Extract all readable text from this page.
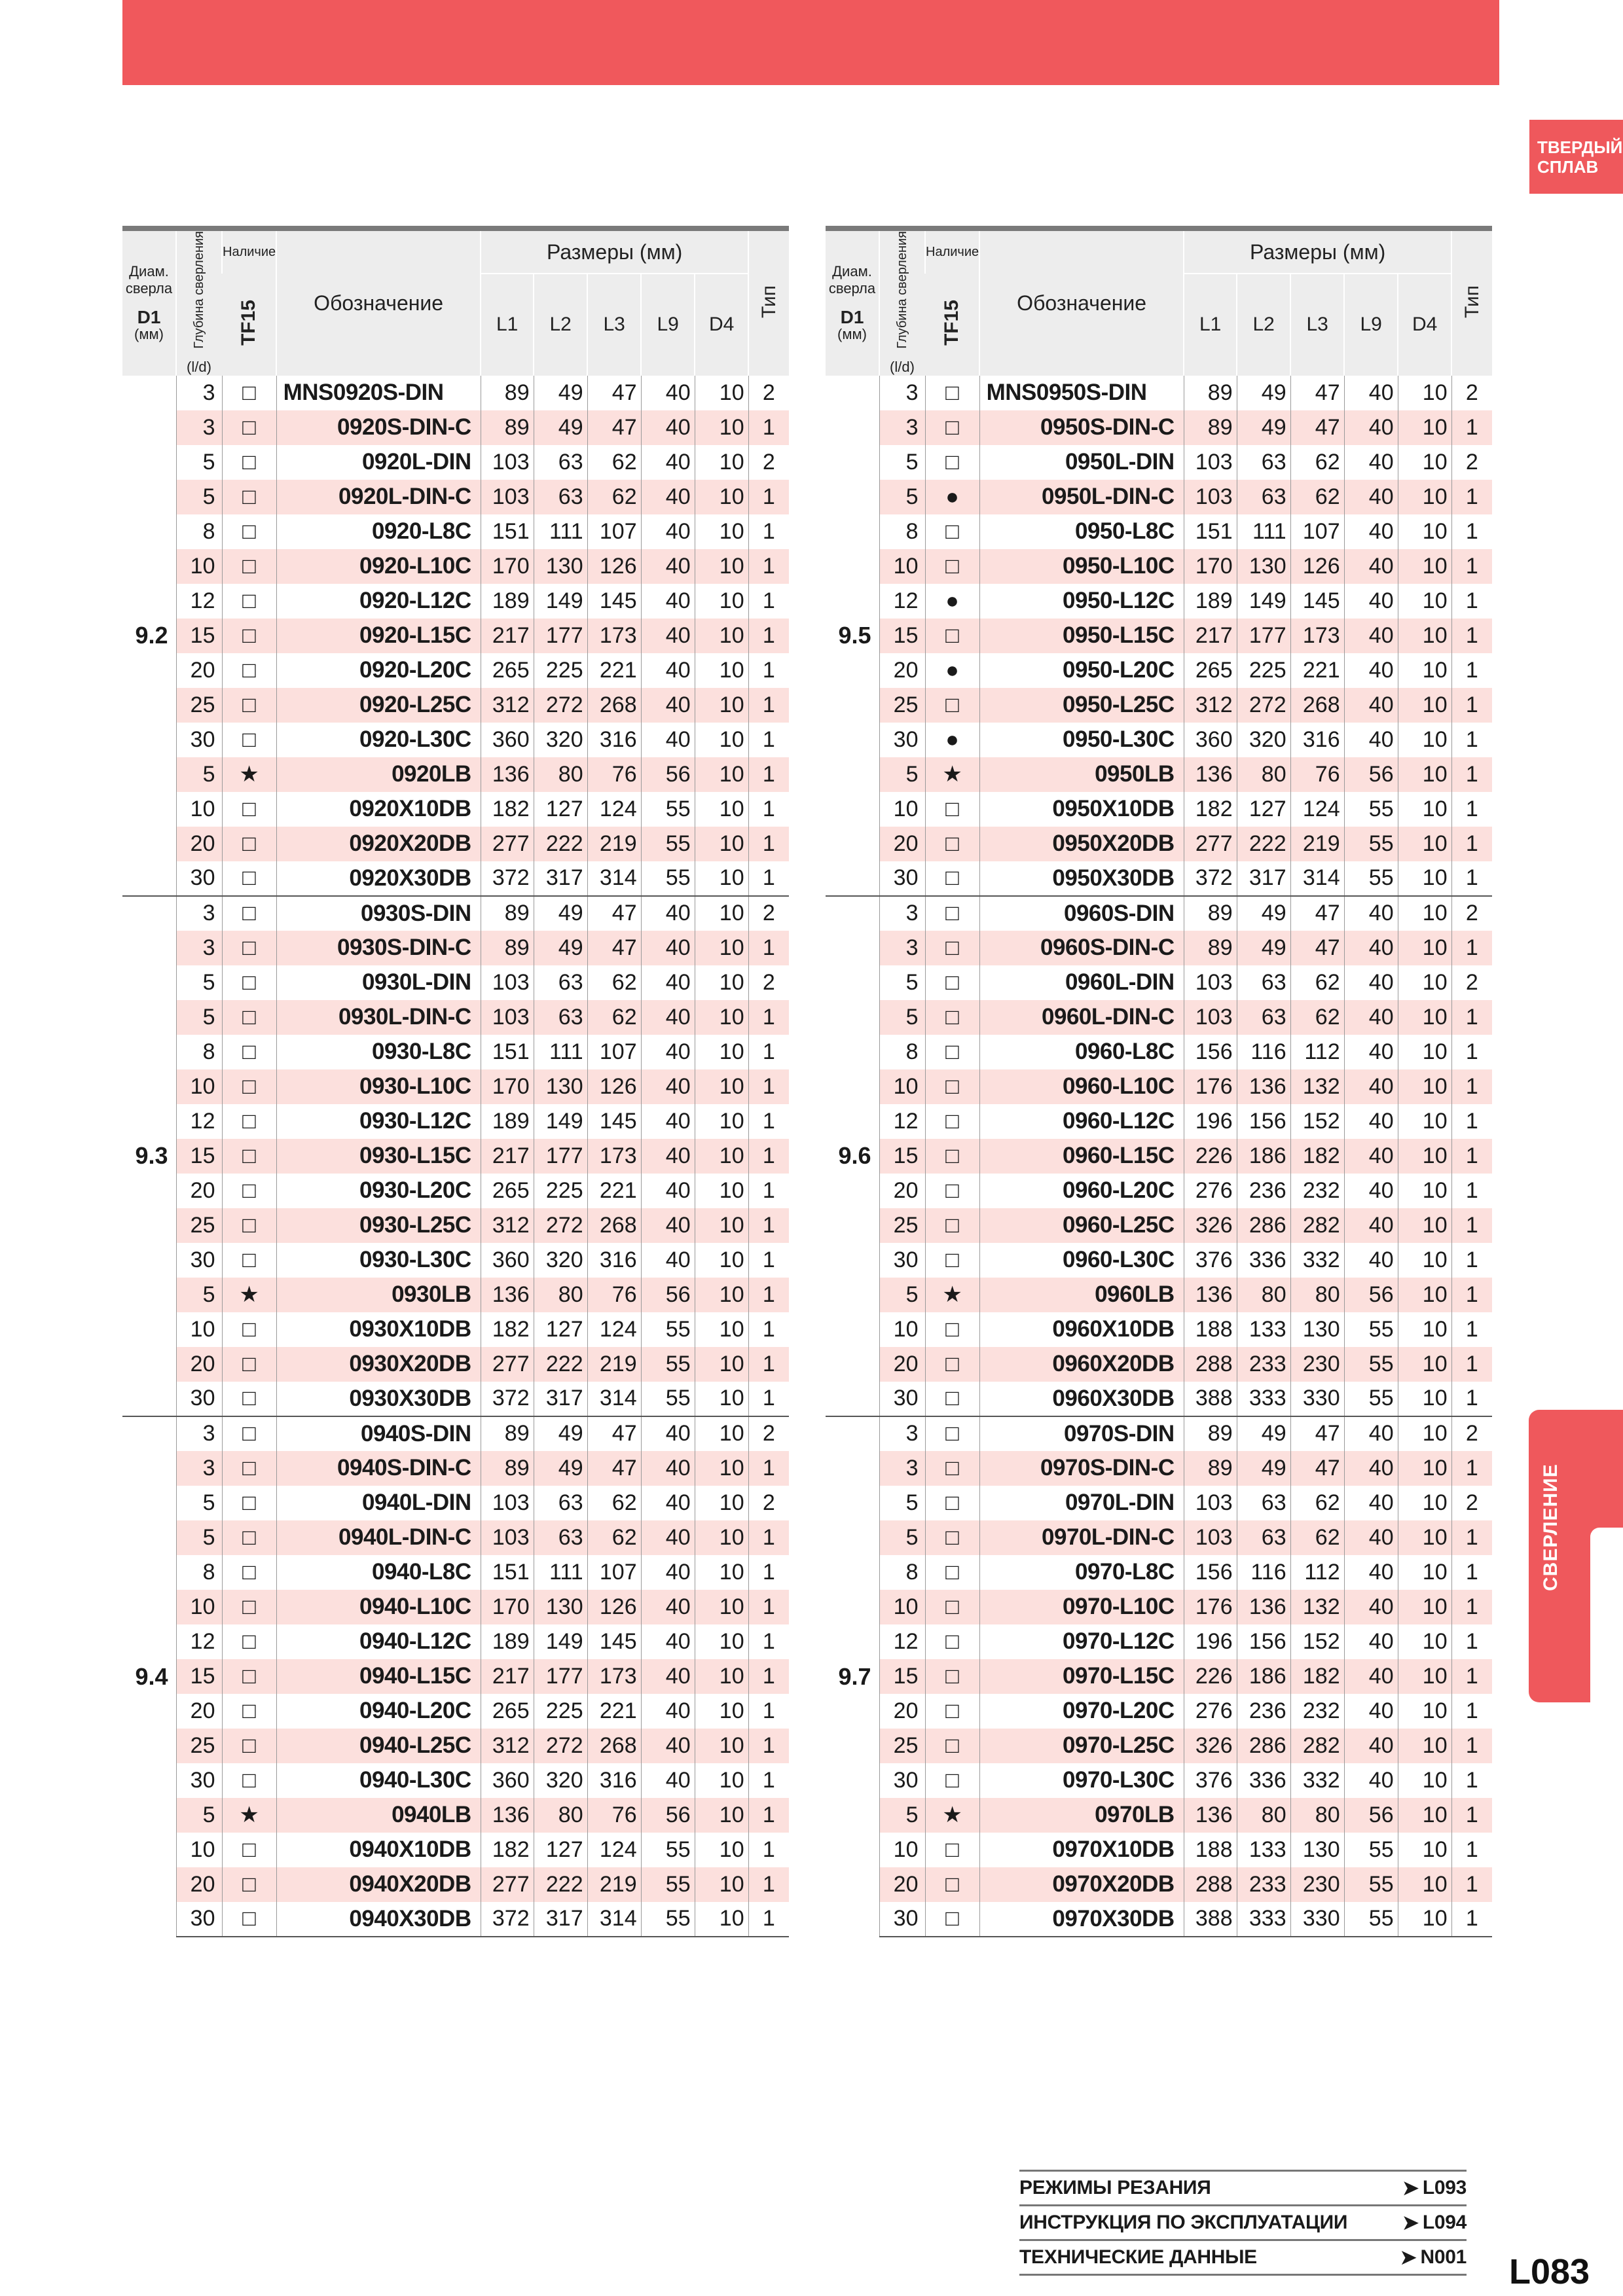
ТВЕРДЫЙ
СПЛАВ
СВЕРЛЕНИЕ
Диам.
сверла
D1
(мм)	Глубина сверления
(l/d)	Наличие	Обозначение	Размеры (мм)					Тип
		TF15		L1	L2	L3	L9	D4	
9.2	3	□	MNS0920S-DIN	89	49	47	40	10	2
	3	□	0920S-DIN-C	89	49	47	40	10	1
	5	□	0920L-DIN	103	63	62	40	10	2
	5	□	0920L-DIN-C	103	63	62	40	10	1
	8	□	0920-L8C	151	111	107	40	10	1
	10	□	0920-L10C	170	130	126	40	10	1
	12	□	0920-L12C	189	149	145	40	10	1
	15	□	0920-L15C	217	177	173	40	10	1
	20	□	0920-L20C	265	225	221	40	10	1
	25	□	0920-L25C	312	272	268	40	10	1
	30	□	0920-L30C	360	320	316	40	10	1
	5	★	0920LB	136	80	76	56	10	1
	10	□	0920X10DB	182	127	124	55	10	1
	20	□	0920X20DB	277	222	219	55	10	1
	30	□	0920X30DB	372	317	314	55	10	1
9.3	3	□	0930S-DIN	89	49	47	40	10	2
	3	□	0930S-DIN-C	89	49	47	40	10	1
	5	□	0930L-DIN	103	63	62	40	10	2
	5	□	0930L-DIN-C	103	63	62	40	10	1
	8	□	0930-L8C	151	111	107	40	10	1
	10	□	0930-L10C	170	130	126	40	10	1
	12	□	0930-L12C	189	149	145	40	10	1
	15	□	0930-L15C	217	177	173	40	10	1
	20	□	0930-L20C	265	225	221	40	10	1
	25	□	0930-L25C	312	272	268	40	10	1
	30	□	0930-L30C	360	320	316	40	10	1
	5	★	0930LB	136	80	76	56	10	1
	10	□	0930X10DB	182	127	124	55	10	1
	20	□	0930X20DB	277	222	219	55	10	1
	30	□	0930X30DB	372	317	314	55	10	1
9.4	3	□	0940S-DIN	89	49	47	40	10	2
	3	□	0940S-DIN-C	89	49	47	40	10	1
	5	□	0940L-DIN	103	63	62	40	10	2
	5	□	0940L-DIN-C	103	63	62	40	10	1
	8	□	0940-L8C	151	111	107	40	10	1
	10	□	0940-L10C	170	130	126	40	10	1
	12	□	0940-L12C	189	149	145	40	10	1
	15	□	0940-L15C	217	177	173	40	10	1
	20	□	0940-L20C	265	225	221	40	10	1
	25	□	0940-L25C	312	272	268	40	10	1
	30	□	0940-L30C	360	320	316	40	10	1
	5	★	0940LB	136	80	76	56	10	1
	10	□	0940X10DB	182	127	124	55	10	1
	20	□	0940X20DB	277	222	219	55	10	1
	30	□	0940X30DB	372	317	314	55	10	1
Диам.
сверла
D1
(мм)	Глубина сверления
(l/d)	Наличие	Обозначение	Размеры (мм)					Тип
		TF15		L1	L2	L3	L9	D4	
9.5	3	□	MNS0950S-DIN	89	49	47	40	10	2
	3	□	0950S-DIN-C	89	49	47	40	10	1
	5	□	0950L-DIN	103	63	62	40	10	2
	5	●	0950L-DIN-C	103	63	62	40	10	1
	8	□	0950-L8C	151	111	107	40	10	1
	10	□	0950-L10C	170	130	126	40	10	1
	12	●	0950-L12C	189	149	145	40	10	1
	15	□	0950-L15C	217	177	173	40	10	1
	20	●	0950-L20C	265	225	221	40	10	1
	25	□	0950-L25C	312	272	268	40	10	1
	30	●	0950-L30C	360	320	316	40	10	1
	5	★	0950LB	136	80	76	56	10	1
	10	□	0950X10DB	182	127	124	55	10	1
	20	□	0950X20DB	277	222	219	55	10	1
	30	□	0950X30DB	372	317	314	55	10	1
9.6	3	□	0960S-DIN	89	49	47	40	10	2
	3	□	0960S-DIN-C	89	49	47	40	10	1
	5	□	0960L-DIN	103	63	62	40	10	2
	5	□	0960L-DIN-C	103	63	62	40	10	1
	8	□	0960-L8C	156	116	112	40	10	1
	10	□	0960-L10C	176	136	132	40	10	1
	12	□	0960-L12C	196	156	152	40	10	1
	15	□	0960-L15C	226	186	182	40	10	1
	20	□	0960-L20C	276	236	232	40	10	1
	25	□	0960-L25C	326	286	282	40	10	1
	30	□	0960-L30C	376	336	332	40	10	1
	5	★	0960LB	136	80	80	56	10	1
	10	□	0960X10DB	188	133	130	55	10	1
	20	□	0960X20DB	288	233	230	55	10	1
	30	□	0960X30DB	388	333	330	55	10	1
9.7	3	□	0970S-DIN	89	49	47	40	10	2
	3	□	0970S-DIN-C	89	49	47	40	10	1
	5	□	0970L-DIN	103	63	62	40	10	2
	5	□	0970L-DIN-C	103	63	62	40	10	1
	8	□	0970-L8C	156	116	112	40	10	1
	10	□	0970-L10C	176	136	132	40	10	1
	12	□	0970-L12C	196	156	152	40	10	1
	15	□	0970-L15C	226	186	182	40	10	1
	20	□	0970-L20C	276	236	232	40	10	1
	25	□	0970-L25C	326	286	282	40	10	1
	30	□	0970-L30C	376	336	332	40	10	1
	5	★	0970LB	136	80	80	56	10	1
	10	□	0970X10DB	188	133	130	55	10	1
	20	□	0970X20DB	288	233	230	55	10	1
	30	□	0970X30DB	388	333	330	55	10	1
РЕЖИМЫ РЕЗАНИЯ	➤ L093
ИНСТРУКЦИЯ ПО ЭКСПЛУАТАЦИИ	➤ L094
ТЕХНИЧЕСКИЕ ДАННЫЕ	➤ N001 L083
